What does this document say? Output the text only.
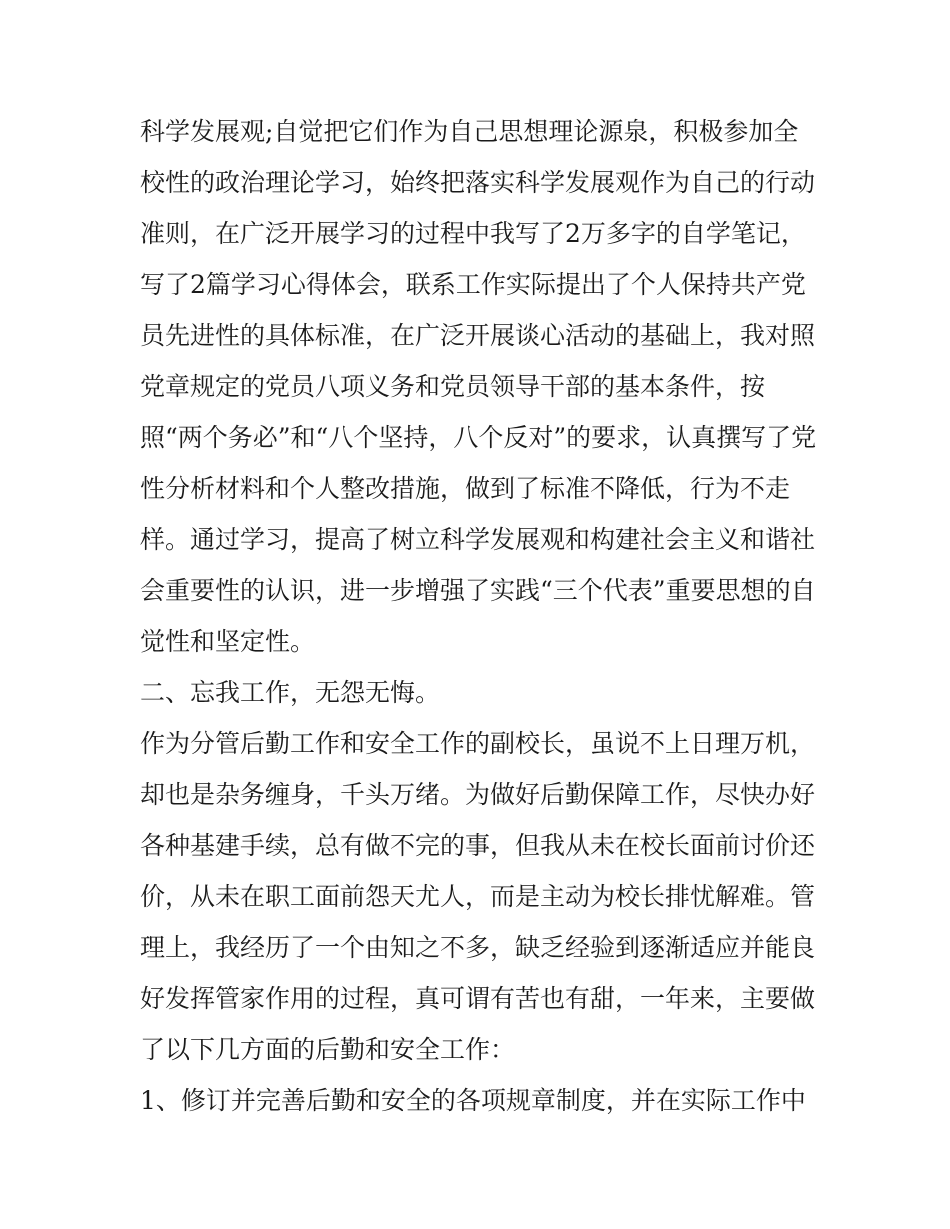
科学发展观;自觉把它们作为自己思想理论源泉，积极参加全
校性的政治理论学习，始终把落实科学发展观作为自己的行动
准则，在广泛开展学习的过程中我写了2万多字的自学笔记，
写了2篇学习心得体会，联系工作实际提出了个人保持共产党
员先进性的具体标准，在广泛开展谈心活动的基础上，我对照
党章规定的党员八项义务和党员领导干部的基本条件，按
照“两个务必”和“八个坚持，八个反对”的要求，认真撰写了党
性分析材料和个人整改措施，做到了标准不降低，行为不走
样。通过学习，提高了树立科学发展观和构建社会主义和谐社
会重要性的认识，进一步增强了实践“三个代表”重要思想的自
觉性和坚定性。
二、忘我工作，无怨无悔。
作为分管后勤工作和安全工作的副校长，虽说不上日理万机，
却也是杂务缠身，千头万绪。为做好后勤保障工作，尽快办好
各种基建手续，总有做不完的事，但我从未在校长面前讨价还
价，从未在职工面前怨天尤人，而是主动为校长排忧解难。管
理上，我经历了一个由知之不多，缺乏经验到逐渐适应并能良
好发挥管家作用的过程，真可谓有苦也有甜，一年来，主要做
了以下几方面的后勤和安全工作：
1、修订并完善后勤和安全的各项规章制度，并在实际工作中
